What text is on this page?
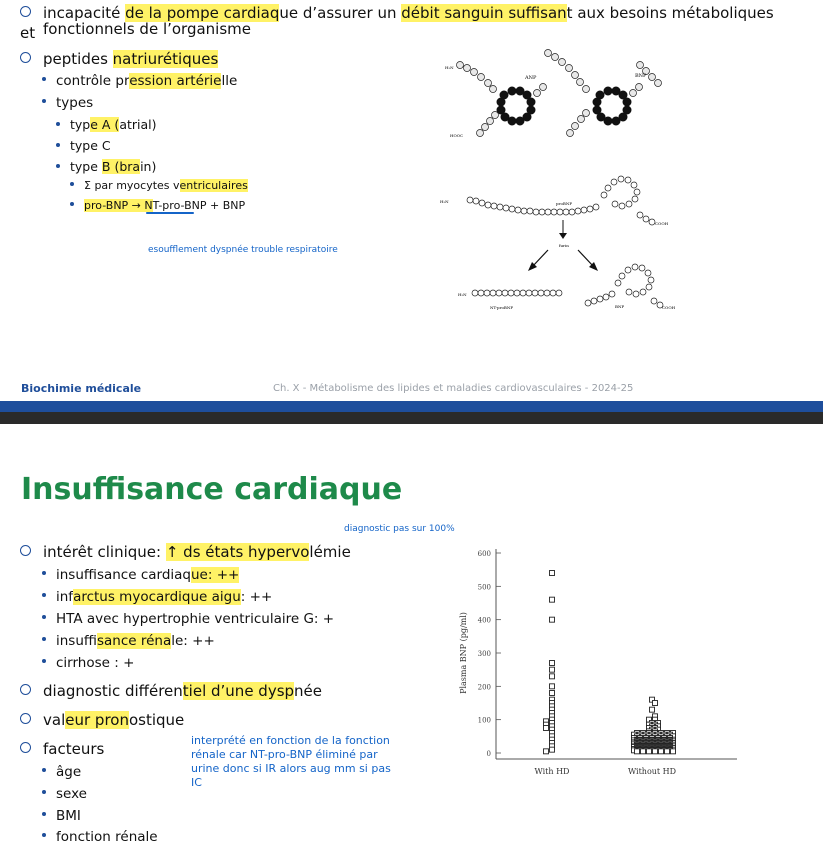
incapacité de la pompe cardiaque d’assurer un débit sanguin suffisant aux besoins métaboliques et fonctionnels de l’organisme
peptides natriurétiques
contrôle pression artérielle
types
type A (atrial)
type C
type B (brain)
Σ par myocytes ventriculaires
pro-BNP → NT-pro-BNP + BNP
esoufflement dyspnée trouble respiratoire
ANP	BNP
H₂N
HOOC
proBNP
H₂N
COOH
furin
H₂N
NT-proBNP	BNP	COOH
Biochimie médicale	Ch. X - Métabolisme des lipides et maladies cardiovasculaires - 2024-25
Insuffisance cardiaque
diagnostic pas sur 100%
intérêt clinique: ↑ ds états hypervolémie
insuffisance cardiaque: ++
infarctus myocardique aigu: ++
HTA avec hypertrophie ventriculaire G: +
insuffisance rénale: ++
cirrhose : +
diagnostic différentiel d’une dyspnée
valeur pronostique
facteurs
âge
sexe
BMI
fonction rénale
interprété en fonction de la fonction rénale car NT-pro-BNP éliminé par urine donc si IR alors aug mm si pas IC
0
100
200
300
400
500
600
Plasma BNP (pg/ml)
With HD	Without HD
